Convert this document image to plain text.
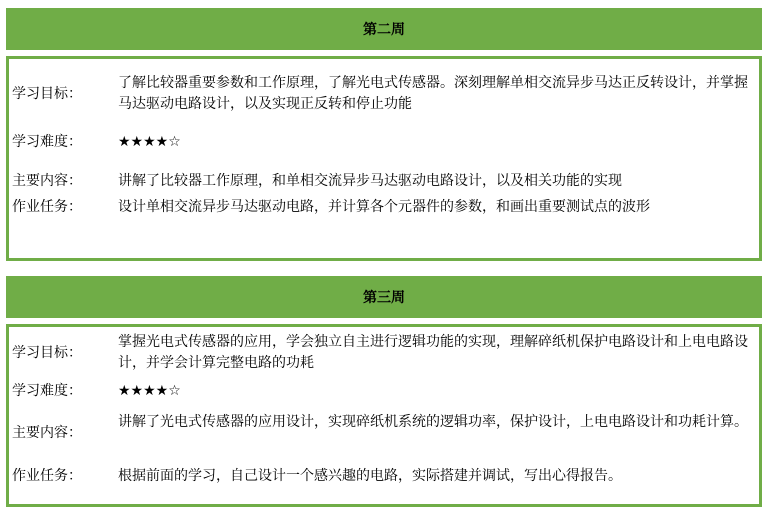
第二周
学习目标：
了解比较器重要参数和工作原理，了解光电式传感器。深刻理解单相交流异步马达正反转设计，并掌握马达驱动电路设计，以及实现正反转和停止功能
学习难度：	★★★★☆
主要内容：	讲解了比较器工作原理，和单相交流异步马达驱动电路设计，以及相关功能的实现
作业任务：	设计单相交流异步马达驱动电路，并计算各个元器件的参数，和画出重要测试点的波形
第三周
学习目标：
掌握光电式传感器的应用，学会独立自主进行逻辑功能的实现，理解碎纸机保护电路设计和上电电路设计，并学会计算完整电路的功耗
学习难度：	★★★★☆
主要内容：
讲解了光电式传感器的应用设计，实现碎纸机系统的逻辑功率，保护设计，上电电路设计和功耗计算。
作业任务：	根据前面的学习，自己设计一个感兴趣的电路，实际搭建并调试，写出心得报告。
